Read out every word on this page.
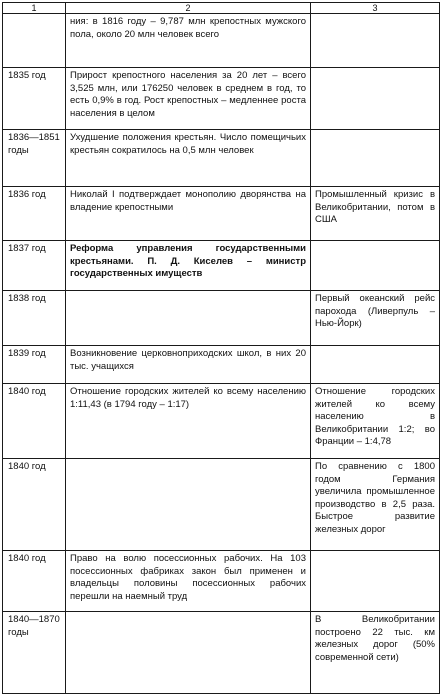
1	2	3

	ния: в 1816 году – 9,787 млн крепостных мужского пола, около 20 млн человек всего	

1835 год	Прирост крепостного населения за 20 лет – всего 3,525 млн, или 176250 человек в среднем в год, то есть 0,9% в год. Рост крепостных – медленнее роста населения в целом	

1836—1851 годы	Ухудшение положения крестьян. Число помещичьих крестьян сократилось на 0,5 млн человек	

1836 год	Николай I подтверждает монополию дворянства на владение крепостными	Промышленный кризис в Великобритании, потом в США

1837 год	Реформа управления государственными крестьянами. П. Д. Киселев – министр государственных имуществ	

1838 год		Первый океанский рейс парохода (Ливерпуль – Нью-Йорк)

1839 год	Возникновение церковноприходских школ, в них 20 тыс. учащихся	

1840 год	Отношение городских жителей ко всему населению 1:11,43 (в 1794 году – 1:17)	Отношение городских жителей ко всему населению в Великобритании 1:2; во Франции – 1:4,78

1840 год		По сравнению с 1800 годом Германия увеличила промышленное производство в 2,5 раза. Быстрое развитие железных дорог

1840 год	Право на волю посессионных рабочих. На 103 посессионных фабриках закон был применен и владельцы половины посессионных рабочих перешли на наемный труд	

1840—1870 годы		В Великобритании построено 22 тыс. км железных дорог (50% современной сети)
